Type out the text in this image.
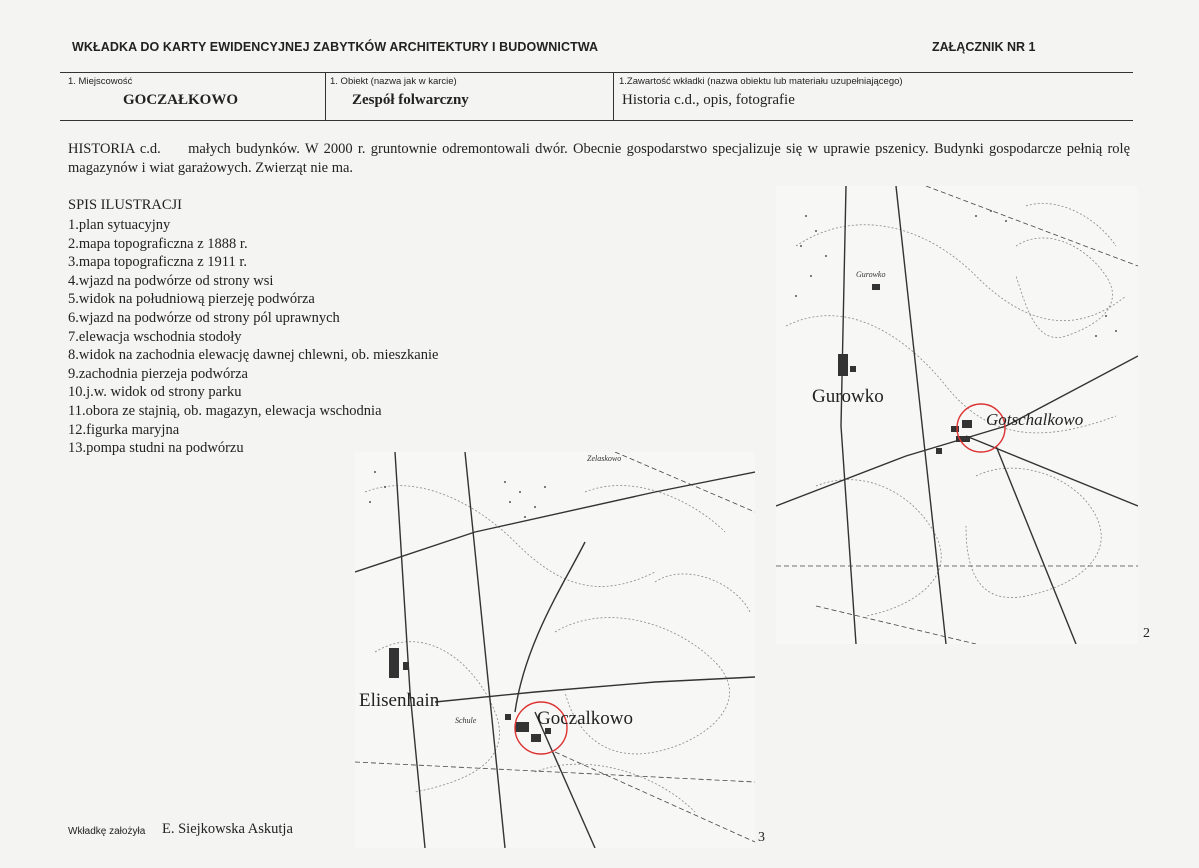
WKŁADKA DO KARTY EWIDENCYJNEJ ZABYTKÓW ARCHITEKTURY I BUDOWNICTWA	ZAŁĄCZNIK NR 1
1. Miejscowość
GOCZAŁKOWO
1. Obiekt (nazwa jak w karcie)
Zespół folwarczny
1.Zawartość wkładki (nazwa obiektu lub materiału uzupełniającego)
Historia c.d., opis, fotografie
HISTORIA c.d. małych budynków. W 2000 r. gruntownie odremontowali dwór. Obecnie gospodarstwo specjalizuje się w uprawie pszenicy. Budynki gospodarcze pełnią rolę magazynów i wiat garażowych. Zwierząt nie ma.
SPIS ILUSTRACJI
1.plan sytuacyjny
2.mapa topograficzna z 1888 r.
3.mapa topograficzna z 1911 r.
4.wjazd na podwórze od strony wsi
5.widok na południową pierzeję podwórza
6.wjazd na podwórze od strony pól uprawnych
7.elewacja wschodnia stodoły
8.widok na zachodnia elewację dawnej chlewni, ob. mieszkanie
9.zachodnia pierzeja podwórza
10.j.w. widok od strony parku
11.obora ze stajnią, ob. magazyn, elewacja wschodnia
12.figurka maryjna
13.pompa studni na podwórzu
Gurowko
Gurowko
Gotschalkowo
2
Zelaskowo
Schule
Elisenhain
Goczalkowo
3
Wkładkę założyła E. Siejkowska Askutja
